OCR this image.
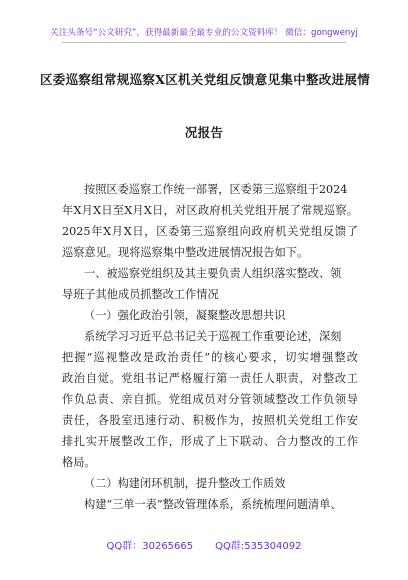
关注头条号“公文研究”，获得最新最全最专业的公文资料库！ 微信：gongwenyj
区委巡察组常规巡察X区机关党组反馈意见集中整改进展情
况报告
按照区委巡察工作统一部署，区委第三巡察组于2024
年X月X日至X月X日，对区政府机关党组开展了常规巡察。
2025年X月X日，区委第三巡察组向政府机关党组反馈了
巡察意见。现将巡察集中整改进展情况报告如下。
一、被巡察党组织及其主要负责人组织落实整改、领
导班子其他成员抓整改工作情况
（一）强化政治引领，凝聚整改思想共识
系统学习习近平总书记关于巡视工作重要论述，深刻
把握“巡视整改是政治责任”的核心要求，切实增强整改
政治自觉。党组书记严格履行第一责任人职责，对整改工
作负总责、亲自抓。党组成员对分管领域整改工作负领导
责任，各股室迅速行动、积极作为，按照机关党组工作安
排扎实开展整改工作，形成了上下联动、合力整改的工作
格局。
（二）构建闭环机制，提升整改工作质效
构建“三单一表”整改管理体系，系统梳理问题清单、
QQ群：30265665 QQ群:535304092
